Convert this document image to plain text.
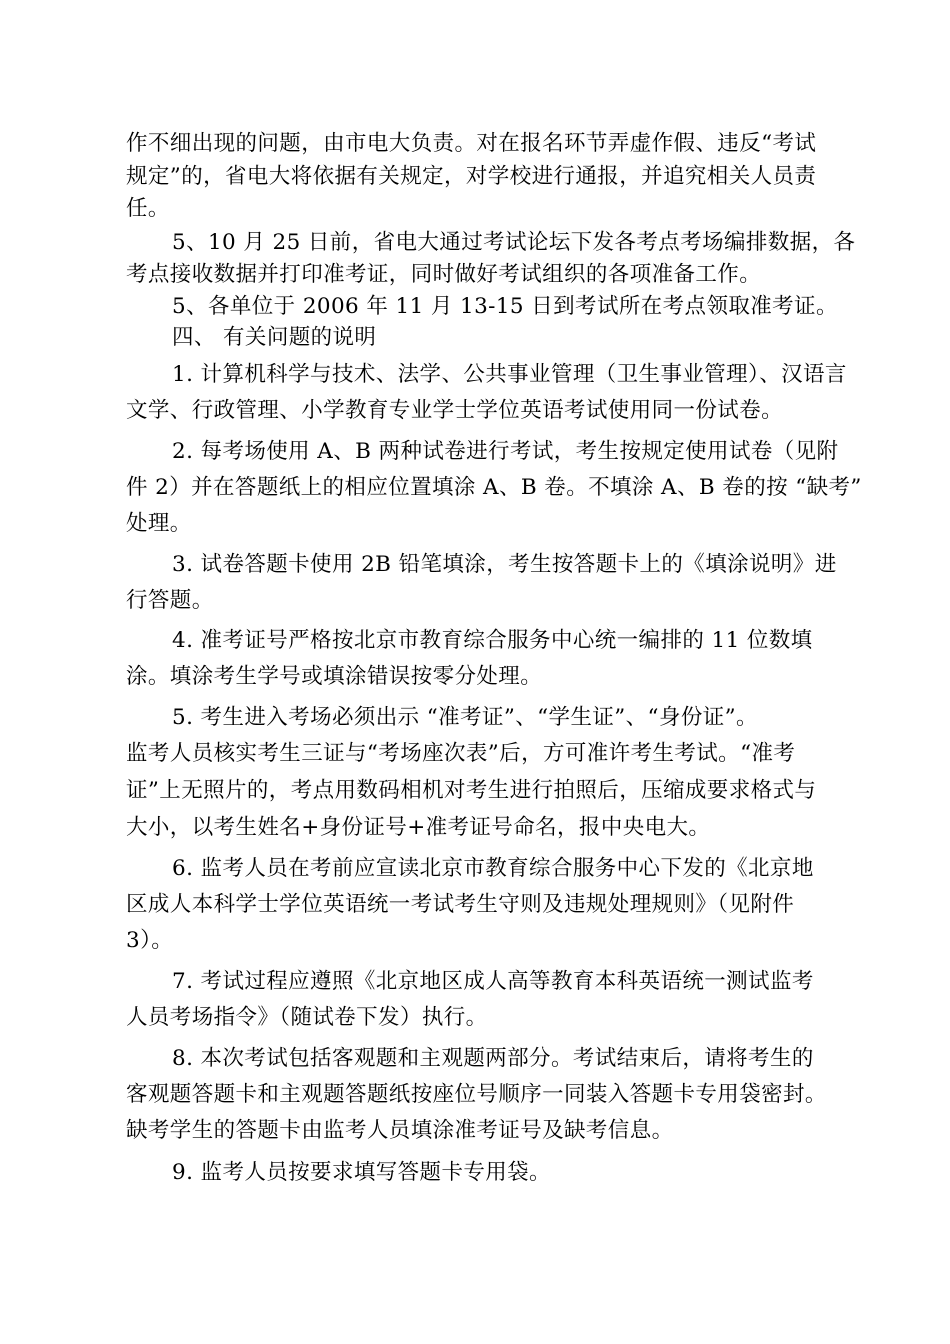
作不细出现的问题，由市电大负责。对在报名环节弄虚作假、违反“考试
规定”的，省电大将依据有关规定，对学校进行通报，并追究相关人员责
任。
5、10 月 25 日前，省电大通过考试论坛下发各考点考场编排数据，各
考点接收数据并打印准考证，同时做好考试组织的各项准备工作。
5、各单位于 2006 年 11 月 13-15 日到考试所在考点领取准考证。
四、 有关问题的说明
1. 计算机科学与技术、法学、公共事业管理（卫生事业管理）、汉语言
文学、行政管理、小学教育专业学士学位英语考试使用同一份试卷。
2. 每考场使用 A、B 两种试卷进行考试，考生按规定使用试卷（见附
件 2）并在答题纸上的相应位置填涂 A、B 卷。不填涂 A、B 卷的按 “缺考”
处理。
3. 试卷答题卡使用 2B 铅笔填涂，考生按答题卡上的《填涂说明》进
行答题。
4. 准考证号严格按北京市教育综合服务中心统一编排的 11 位数填
涂。填涂考生学号或填涂错误按零分处理。
5. 考生进入考场必须出示 “准考证”、“学生证”、“身份证”。
监考人员核实考生三证与“考场座次表”后，方可准许考生考试。“准考
证”上无照片的，考点用数码相机对考生进行拍照后，压缩成要求格式与
大小，以考生姓名+身份证号+准考证号命名，报中央电大。
6. 监考人员在考前应宣读北京市教育综合服务中心下发的《北京地
区成人本科学士学位英语统一考试考生守则及违规处理规则》（见附件
3）。
7. 考试过程应遵照《北京地区成人高等教育本科英语统一测试监考
人员考场指令》（随试卷下发）执行。
8. 本次考试包括客观题和主观题两部分。考试结束后，请将考生的
客观题答题卡和主观题答题纸按座位号顺序一同装入答题卡专用袋密封。
缺考学生的答题卡由监考人员填涂准考证号及缺考信息。
9. 监考人员按要求填写答题卡专用袋。
